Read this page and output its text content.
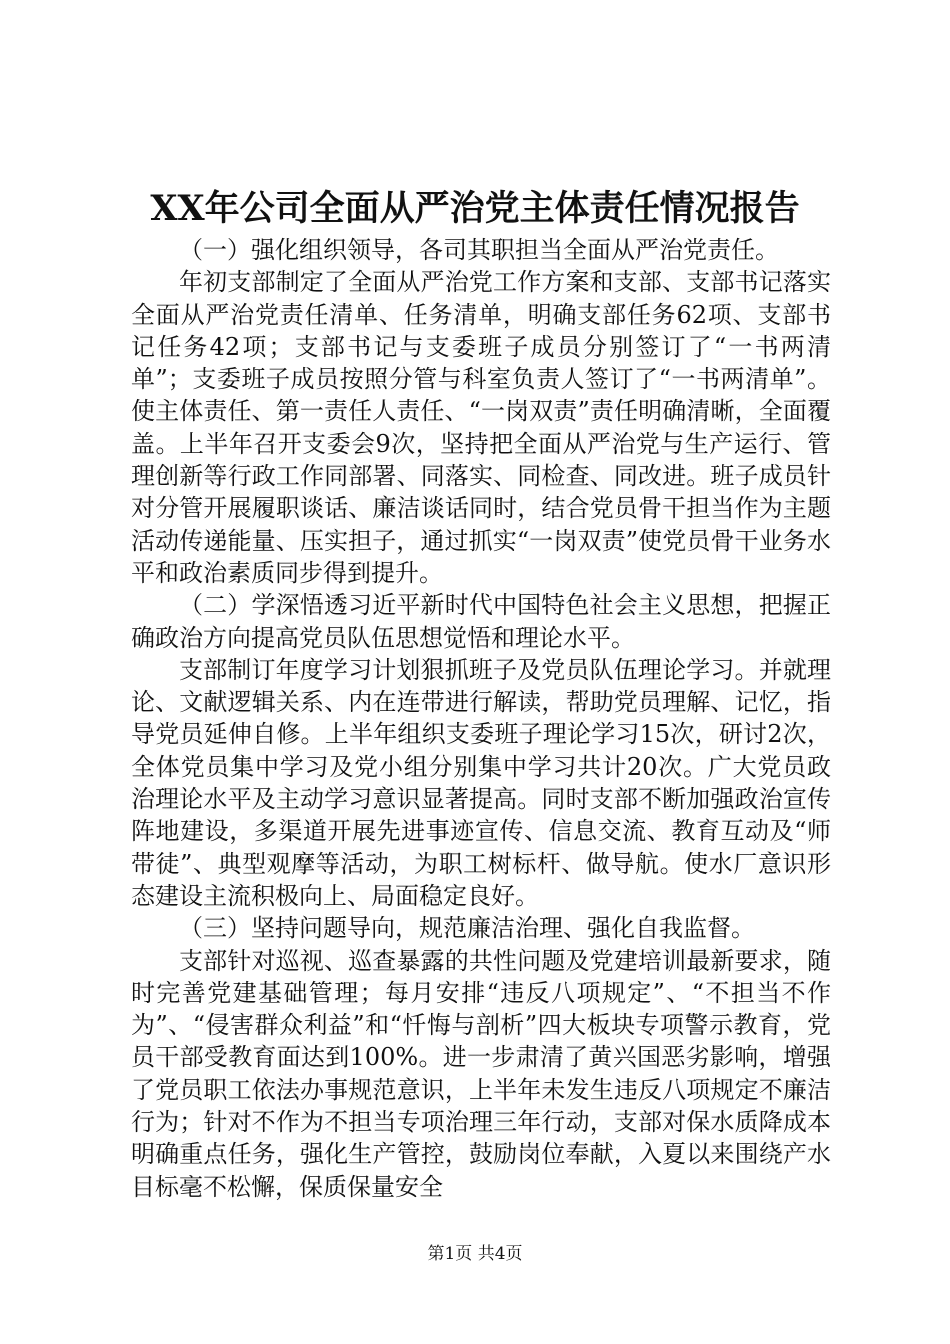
XX年公司全面从严治党主体责任情况报告

（一）强化组织领导，各司其职担当全面从严治党责任。

年初支部制定了全面从严治党工作方案和支部、支部书记落实全面从严治党责任清单、任务清单，明确支部任务62项、支部书记任务42项；支部书记与支委班子成员分别签订了“一书两清单”；支委班子成员按照分管与科室负责人签订了“一书两清单”。使主体责任、第一责任人责任、“一岗双责”责任明确清晰，全面覆盖。上半年召开支委会9次，坚持把全面从严治党与生产运行、管理创新等行政工作同部署、同落实、同检查、同改进。班子成员针对分管开展履职谈话、廉洁谈话同时，结合党员骨干担当作为主题活动传递能量、压实担子，通过抓实“一岗双责”使党员骨干业务水平和政治素质同步得到提升。

（二）学深悟透习近平新时代中国特色社会主义思想，把握正确政治方向提高党员队伍思想觉悟和理论水平。

支部制订年度学习计划狠抓班子及党员队伍理论学习。并就理论、文献逻辑关系、内在连带进行解读，帮助党员理解、记忆，指导党员延伸自修。上半年组织支委班子理论学习15次，研讨2次，全体党员集中学习及党小组分别集中学习共计20次。广大党员政治理论水平及主动学习意识显著提高。同时支部不断加强政治宣传阵地建设，多渠道开展先进事迹宣传、信息交流、教育互动及“师带徒”、典型观摩等活动，为职工树标杆、做导航。使水厂意识形态建设主流积极向上、局面稳定良好。

（三）坚持问题导向，规范廉洁治理、强化自我监督。

支部针对巡视、巡查暴露的共性问题及党建培训最新要求，随时完善党建基础管理；每月安排“违反八项规定”、“不担当不作为”、“侵害群众利益”和“忏悔与剖析”四大板块专项警示教育，党员干部受教育面达到100%。进一步肃清了黄兴国恶劣影响，增强了党员职工依法办事规范意识，上半年未发生违反八项规定不廉洁行为；针对不作为不担当专项治理三年行动，支部对保水质降成本明确重点任务，强化生产管控，鼓励岗位奉献，入夏以来围绕产水目标毫不松懈，保质保量安全

第1页 共4页
